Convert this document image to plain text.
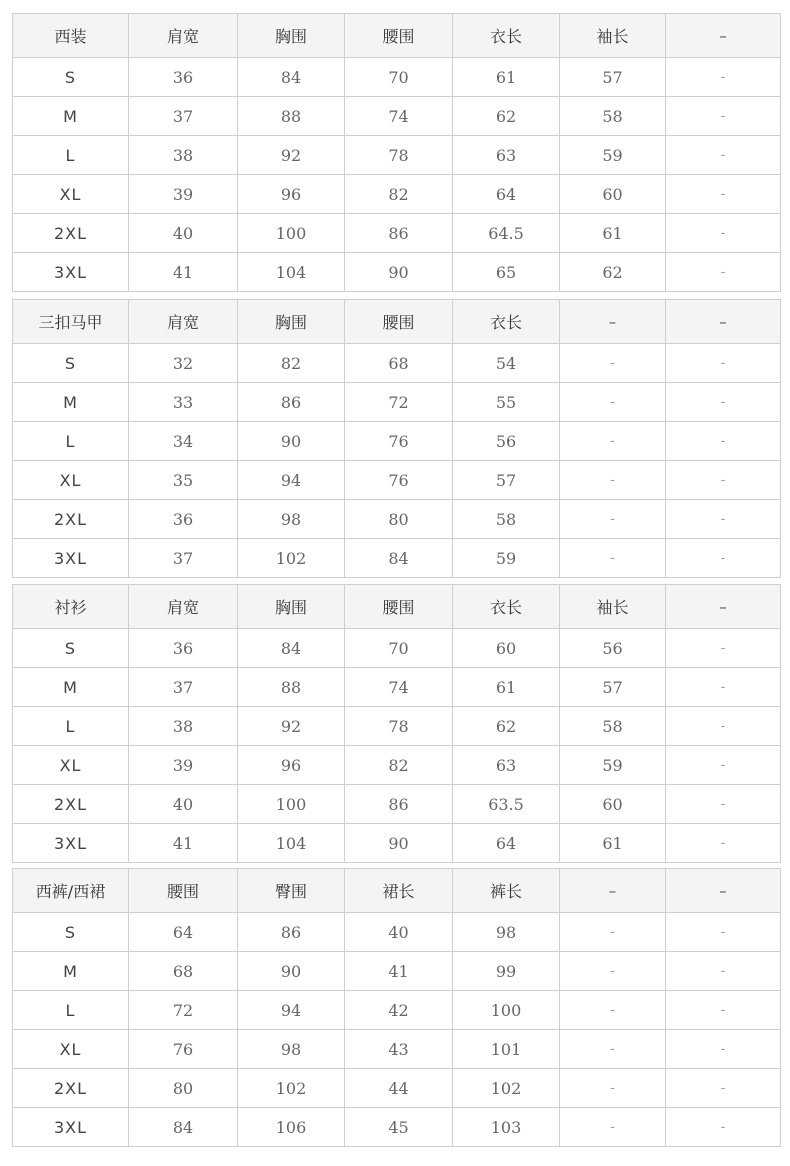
西装	肩宽	胸围	腰围	衣长	袖长	–
S	36	84	70	61	57	-
M	37	88	74	62	58	-
L	38	92	78	63	59	-
XL	39	96	82	64	60	-
2XL	40	100	86	64.5	61	-
3XL	41	104	90	65	62	-
三扣马甲	肩宽	胸围	腰围	衣长	–	–
S	32	82	68	54	-	-
M	33	86	72	55	-	-
L	34	90	76	56	-	-
XL	35	94	76	57	-	-
2XL	36	98	80	58	-	-
3XL	37	102	84	59	-	-
衬衫	肩宽	胸围	腰围	衣长	袖长	–
S	36	84	70	60	56	-
M	37	88	74	61	57	-
L	38	92	78	62	58	-
XL	39	96	82	63	59	-
2XL	40	100	86	63.5	60	-
3XL	41	104	90	64	61	-
西裤/西裙	腰围	臀围	裙长	裤长	–	–
S	64	86	40	98	-	-
M	68	90	41	99	-	-
L	72	94	42	100	-	-
XL	76	98	43	101	-	-
2XL	80	102	44	102	-	-
3XL	84	106	45	103	-	-
